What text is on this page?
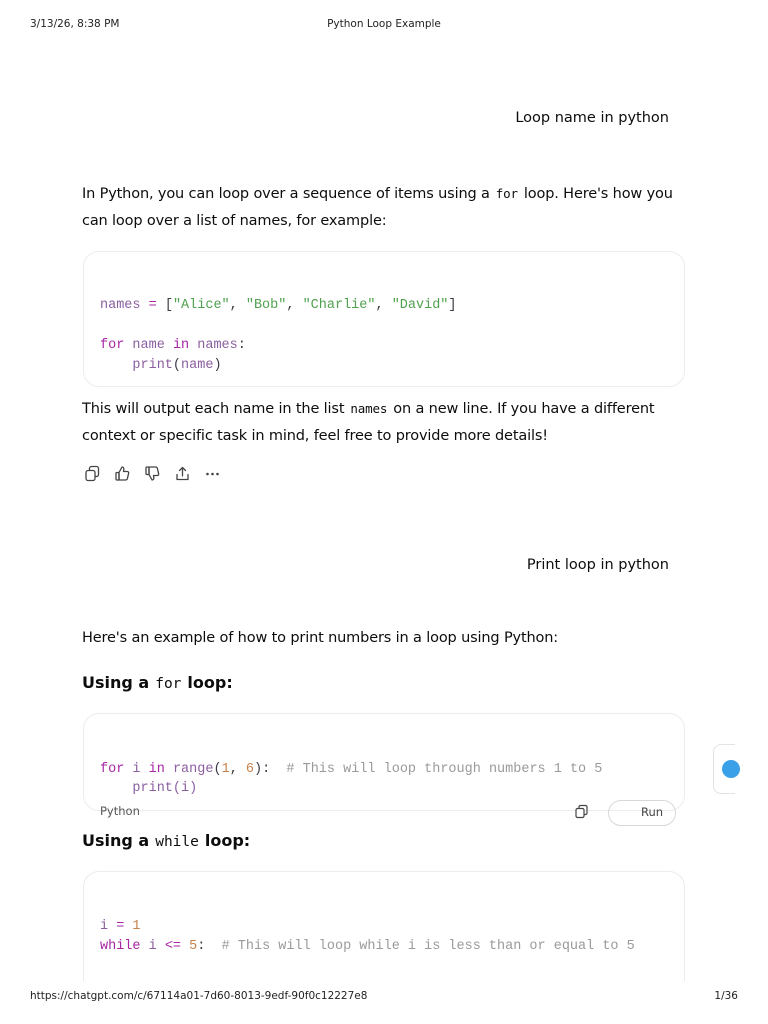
3/13/26, 8:38 PM	Python Loop Example
Loop name in python
In Python, you can loop over a sequence of items using a for loop. Here's how you can loop over a list of names, for example:
names = ["Alice", "Bob", "Charlie", "David"]
for name in names:
print(name)
This will output each name in the list names on a new line. If you have a different context or specific task in mind, feel free to provide more details!
Print loop in python
Here's an example of how to print numbers in a loop using Python:
Using a for loop:
for i in range(1, 6): # This will loop through numbers 1 to 5
print(i)
Python	Run
Using a while loop:
i = 1
while i <= 5: # This will loop while i is less than or equal to 5
https://chatgpt.com/c/67114a01-7d60-8013-9edf-90f0c12227e8	1/36
